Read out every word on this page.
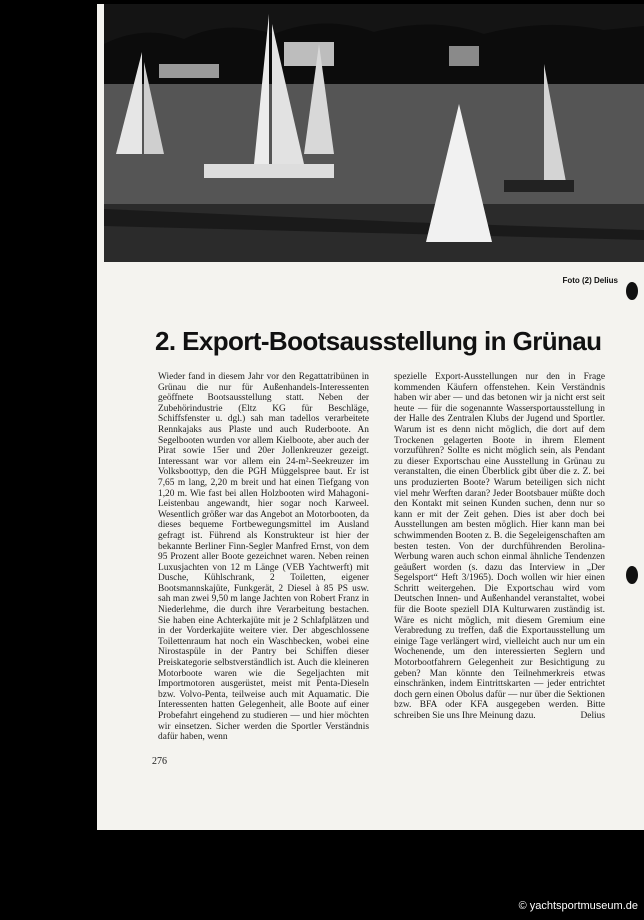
Foto (2) Delius
2. Export-Bootsausstellung in Grünau
Wieder fand in diesem Jahr vor den Regattatribünen in Grünau die nur für Außenhandels-Interessenten geöffnete Bootsausstellung statt. Neben der Zubehörindustrie (Eltz KG für Beschläge, Schiffsfenster u. dgl.) sah man tadellos verarbeitete Rennkajaks aus Plaste und auch Ruderboote. An Segelbooten wurden vor allem Kielboote, aber auch der Pirat sowie 15er und 20er Jollenkreuzer gezeigt. Interessant war vor allem ein 24-m²-Seekreuzer im Volksboottyp, den die PGH Müggelspree baut. Er ist 7,65 m lang, 2,20 m breit und hat einen Tiefgang von 1,20 m. Wie fast bei allen Holzbooten wird Mahagoni-Leistenbau angewandt, hier sogar noch Karweel. Wesentlich größer war das Angebot an Motorbooten, da dieses bequeme Fortbewegungsmittel im Ausland gefragt ist. Führend als Konstrukteur ist hier der bekannte Berliner Finn-Segler Manfred Ernst, von dem 95 Prozent aller Boote gezeichnet waren. Neben reinen Luxusjachten von 12 m Länge (VEB Yachtwerft) mit Dusche, Kühlschrank, 2 Toiletten, eigener Bootsmannskajüte, Funkgerät, 2 Diesel à 85 PS usw. sah man zwei 9,50 m lange Jachten von Robert Franz in Niederlehme, die durch ihre Verarbeitung bestachen. Sie haben eine Achterkajüte mit je 2 Schlafplätzen und in der Vorderkajüte weitere vier. Der abgeschlossene Toilettenraum hat noch ein Waschbecken, wobei eine Nirostaspüle in der Pantry bei Schiffen dieser Preiskategorie selbstverständlich ist. Auch die kleineren Motorboote waren wie die Segeljachten mit Importmotoren ausgerüstet, meist mit Penta-Dieseln bzw. Volvo-Penta, teilweise auch mit Aquamatic. Die Interessenten hatten Gelegenheit, alle Boote auf einer Probefahrt eingehend zu studieren — und hier möchten wir einsetzen. Sicher werden die Sportler Verständnis dafür haben, wenn
spezielle Export-Ausstellungen nur den in Frage kommenden Käufern offenstehen. Kein Verständnis haben wir aber — und das betonen wir ja nicht erst seit heute — für die sogenannte Wassersportausstellung in der Halle des Zentralen Klubs der Jugend und Sportler. Warum ist es denn nicht möglich, die dort auf dem Trockenen gelagerten Boote in ihrem Element vorzuführen? Sollte es nicht möglich sein, als Pendant zu dieser Exportschau eine Ausstellung in Grünau zu veranstalten, die einen Überblick gibt über die z. Z. bei uns produzierten Boote? Warum beteiligen sich nicht viel mehr Werften daran? Jeder Bootsbauer müßte doch den Kontakt mit seinen Kunden suchen, denn nur so kann er mit der Zeit gehen. Dies ist aber doch bei Ausstellungen am besten möglich. Hier kann man bei schwimmenden Booten z. B. die Segeleigenschaften am besten testen. Von der durchführenden Berolina-Werbung waren auch schon einmal ähnliche Tendenzen geäußert worden (s. dazu das Interview in „Der Segelsport“ Heft 3/1965). Doch wollen wir hier einen Schritt weitergehen. Die Exportschau wird vom Deutschen Innen- und Außenhandel veranstaltet, wobei für die Boote speziell DIA Kulturwaren zuständig ist. Wäre es nicht möglich, mit diesem Gremium eine Verabredung zu treffen, daß die Exportausstellung um einige Tage verlängert wird, vielleicht auch nur um ein Wochenende, um den interessierten Seglern und Motorbootfahrern Gelegenheit zur Besichtigung zu geben? Man könnte den Teilnehmerkreis etwas einschränken, indem Eintrittskarten — jeder entrichtet doch gern einen Obolus dafür — nur über die Sektionen bzw. BFA oder KFA ausgegeben werden. Bitte schreiben Sie uns Ihre Meinung dazu.	Delius
276
© yachtsportmuseum.de
